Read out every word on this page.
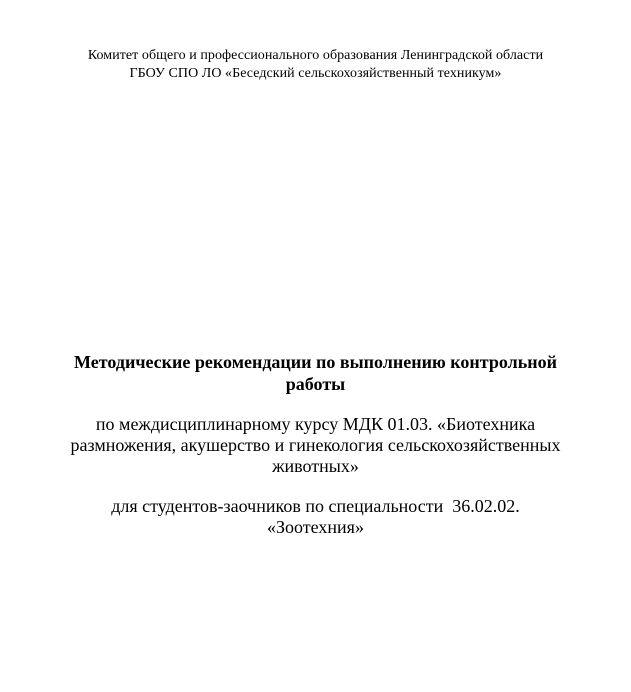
Комитет общего и профессионального образования Ленинградской области
ГБОУ СПО ЛО «Беседский сельскохозяйственный техникум»
Методические рекомендации по выполнению контрольной
работы
по междисциплинарному курсу МДК 01.03. «Биотехника
размножения, акушерство и гинекология сельскохозяйственных
животных»
для студентов-заочников по специальности  36.02.02.
«Зоотехния»
